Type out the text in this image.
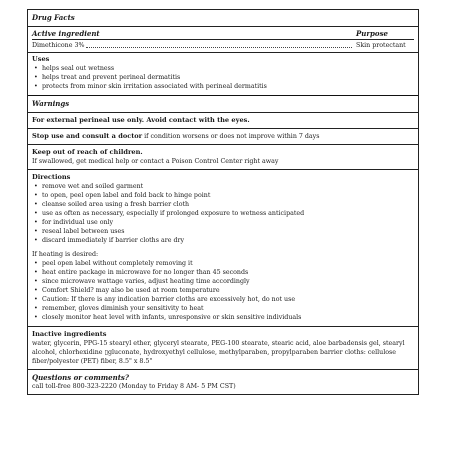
Drug Facts
Active ingredient	Purpose
Dimethicone 3%	Skin protectant
Uses
• helps seal out wetness
• helps treat and prevent perineal dermatitis
• protects from minor skin irritation associated with perineal dermatitis
Warnings
For external perineal use only. Avoid contact with the eyes.
Stop use and consult a doctor if condition worsens or does not improve within 7 days
Keep out of reach of children.
If swallowed, get medical help or contact a Poison Control Center right away
Directions
• remove wet and soiled garment
• to open, peel open label and fold back to hinge point
• cleanse soiled area using a fresh barrier cloth
• use as often as necessary, especially if prolonged exposure to wetness anticipated
• for individual use only
• reseal label between uses
• discard immediately if barrier cloths are dry
If heating is desired:
• peel open label without completely removing it
• heat entire package in microwave for no longer than 45 seconds
• since microwave wattage varies, adjust heating time accordingly
• Comfort Shield? may also be used at room temperature
• Caution: If there is any indication barrier cloths are excessively hot, do not use
• remember, gloves diminish your sensitivity to heat
• closely monitor heat level with infants, unresponsive or skin sensitive individuals
Inactive ingredients

water, glycerin, PPG-15 stearyl ether, glyceryl stearate, PEG-100 stearate, stearic acid, aloe barbadensis gel, stearyl alcohol, chlorhexidine ▯gluconate, hydroxyethyl cellulose, methylparaben, propylparaben barrier cloths: cellulose fiber/polyester (PET) fiber, 8.5" x 8.5"

Questions or comments?
call toll-free 800-323-2220 (Monday to Friday 8 AM- 5 PM CST)
